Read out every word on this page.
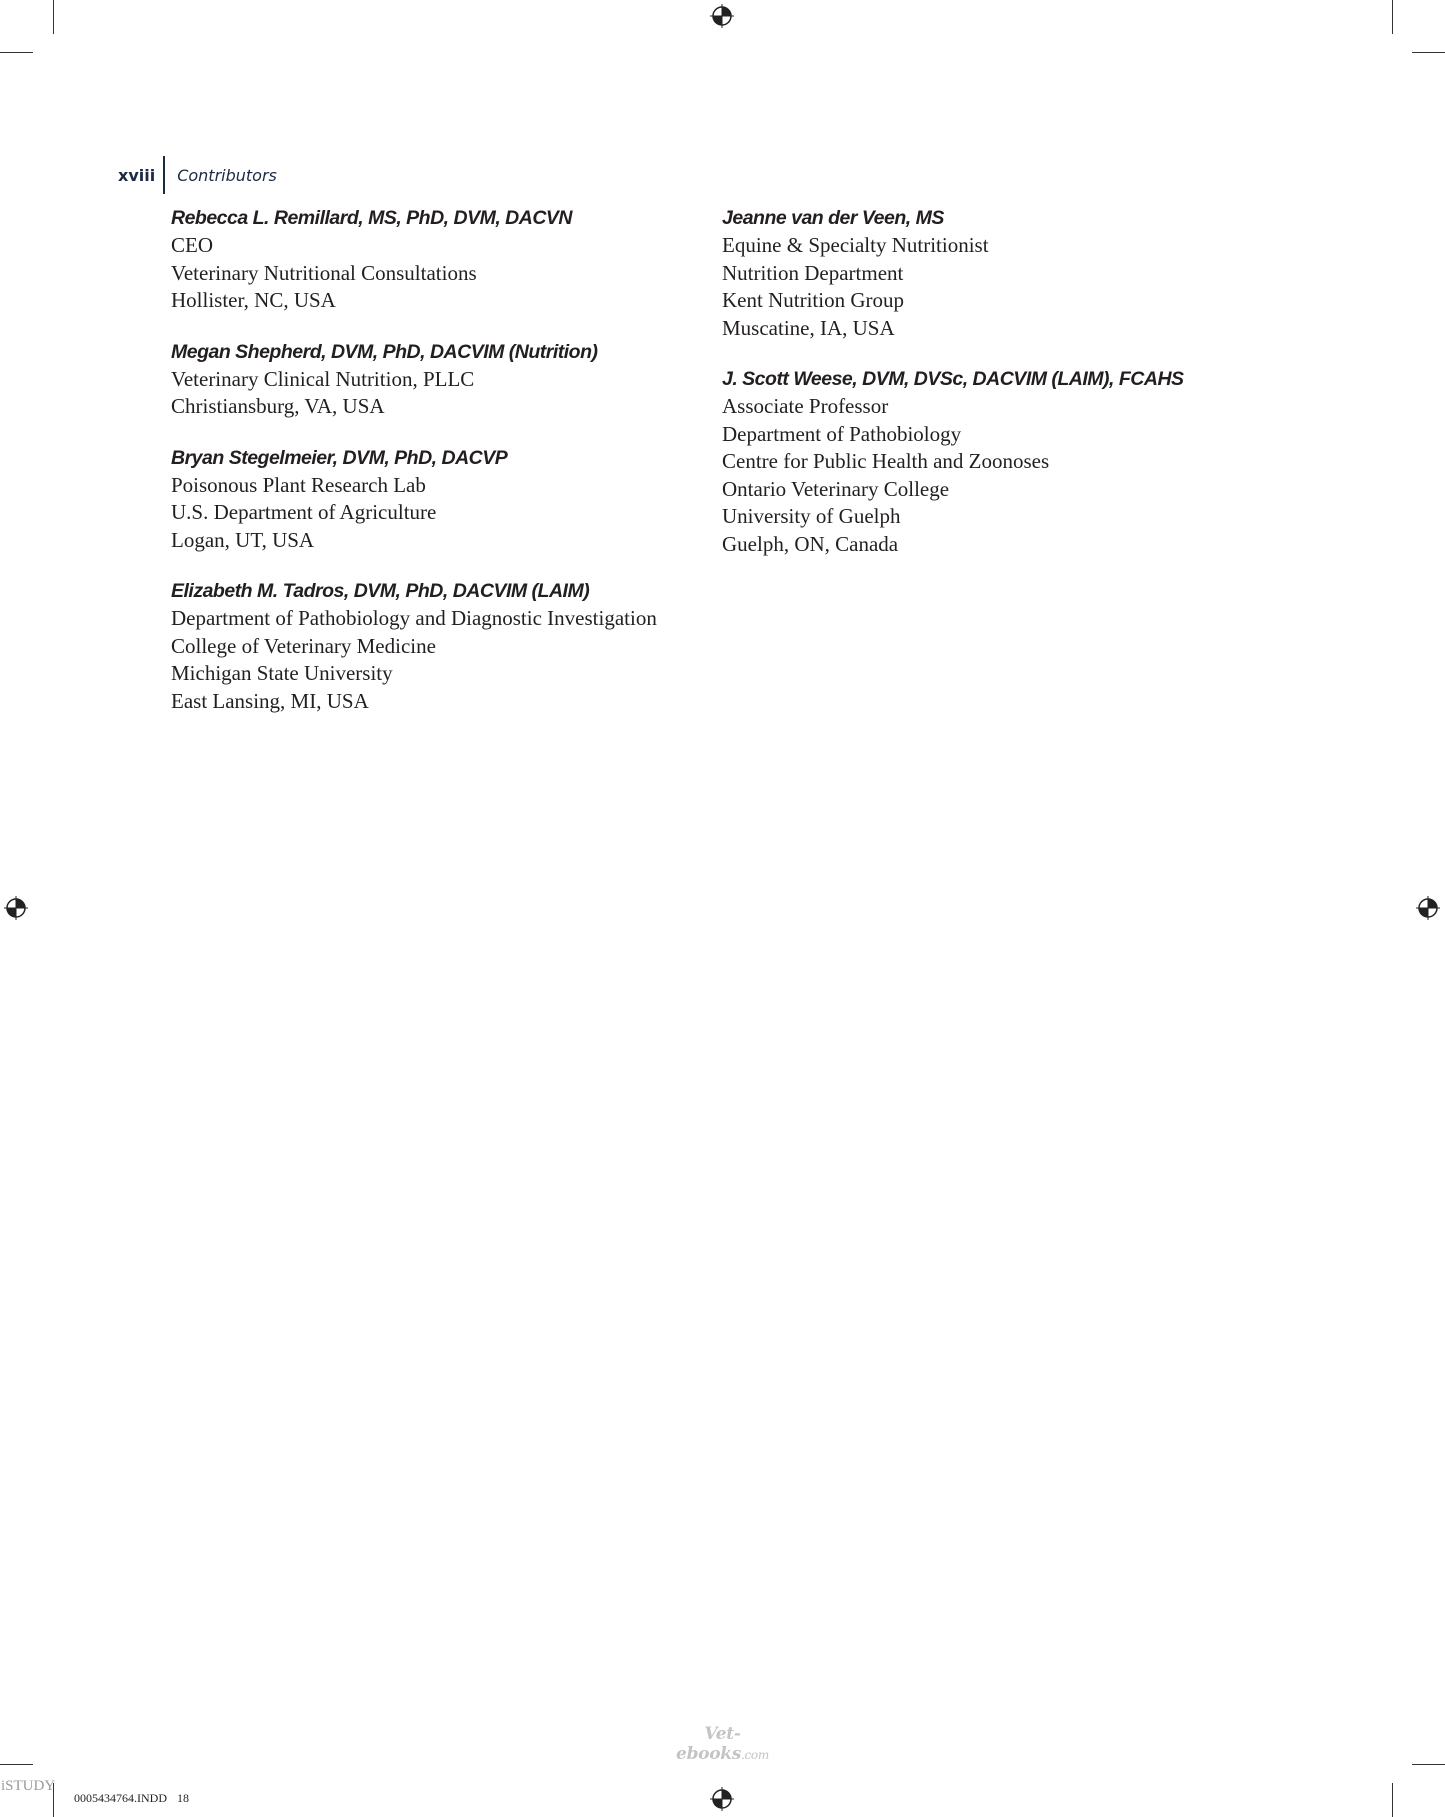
xviii	Contributors
Rebecca L. Remillard, MS, PhD, DVM, DACVN
CEO
Veterinary Nutritional Consultations
Hollister, NC, USA
Megan Shepherd, DVM, PhD, DACVIM (Nutrition)
Veterinary Clinical Nutrition, PLLC
Christiansburg, VA, USA
Bryan Stegelmeier, DVM, PhD, DACVP
Poisonous Plant Research Lab
U.S. Department of Agriculture
Logan, UT, USA
Elizabeth M. Tadros, DVM, PhD, DACVIM (LAIM)
Department of Pathobiology and Diagnostic Investigation
College of Veterinary Medicine
Michigan State University
East Lansing, MI, USA
Jeanne van der Veen, MS
Equine & Specialty Nutritionist
Nutrition Department
Kent Nutrition Group
Muscatine, IA, USA
J. Scott Weese, DVM, DVSc, DACVIM (LAIM), FCAHS
Associate Professor
Department of Pathobiology
Centre for Public Health and Zoonoses
Ontario Veterinary College
University of Guelph
Guelph, ON, Canada
Vet-ebooks.com
iSTUDY
0005434764.INDD 18
